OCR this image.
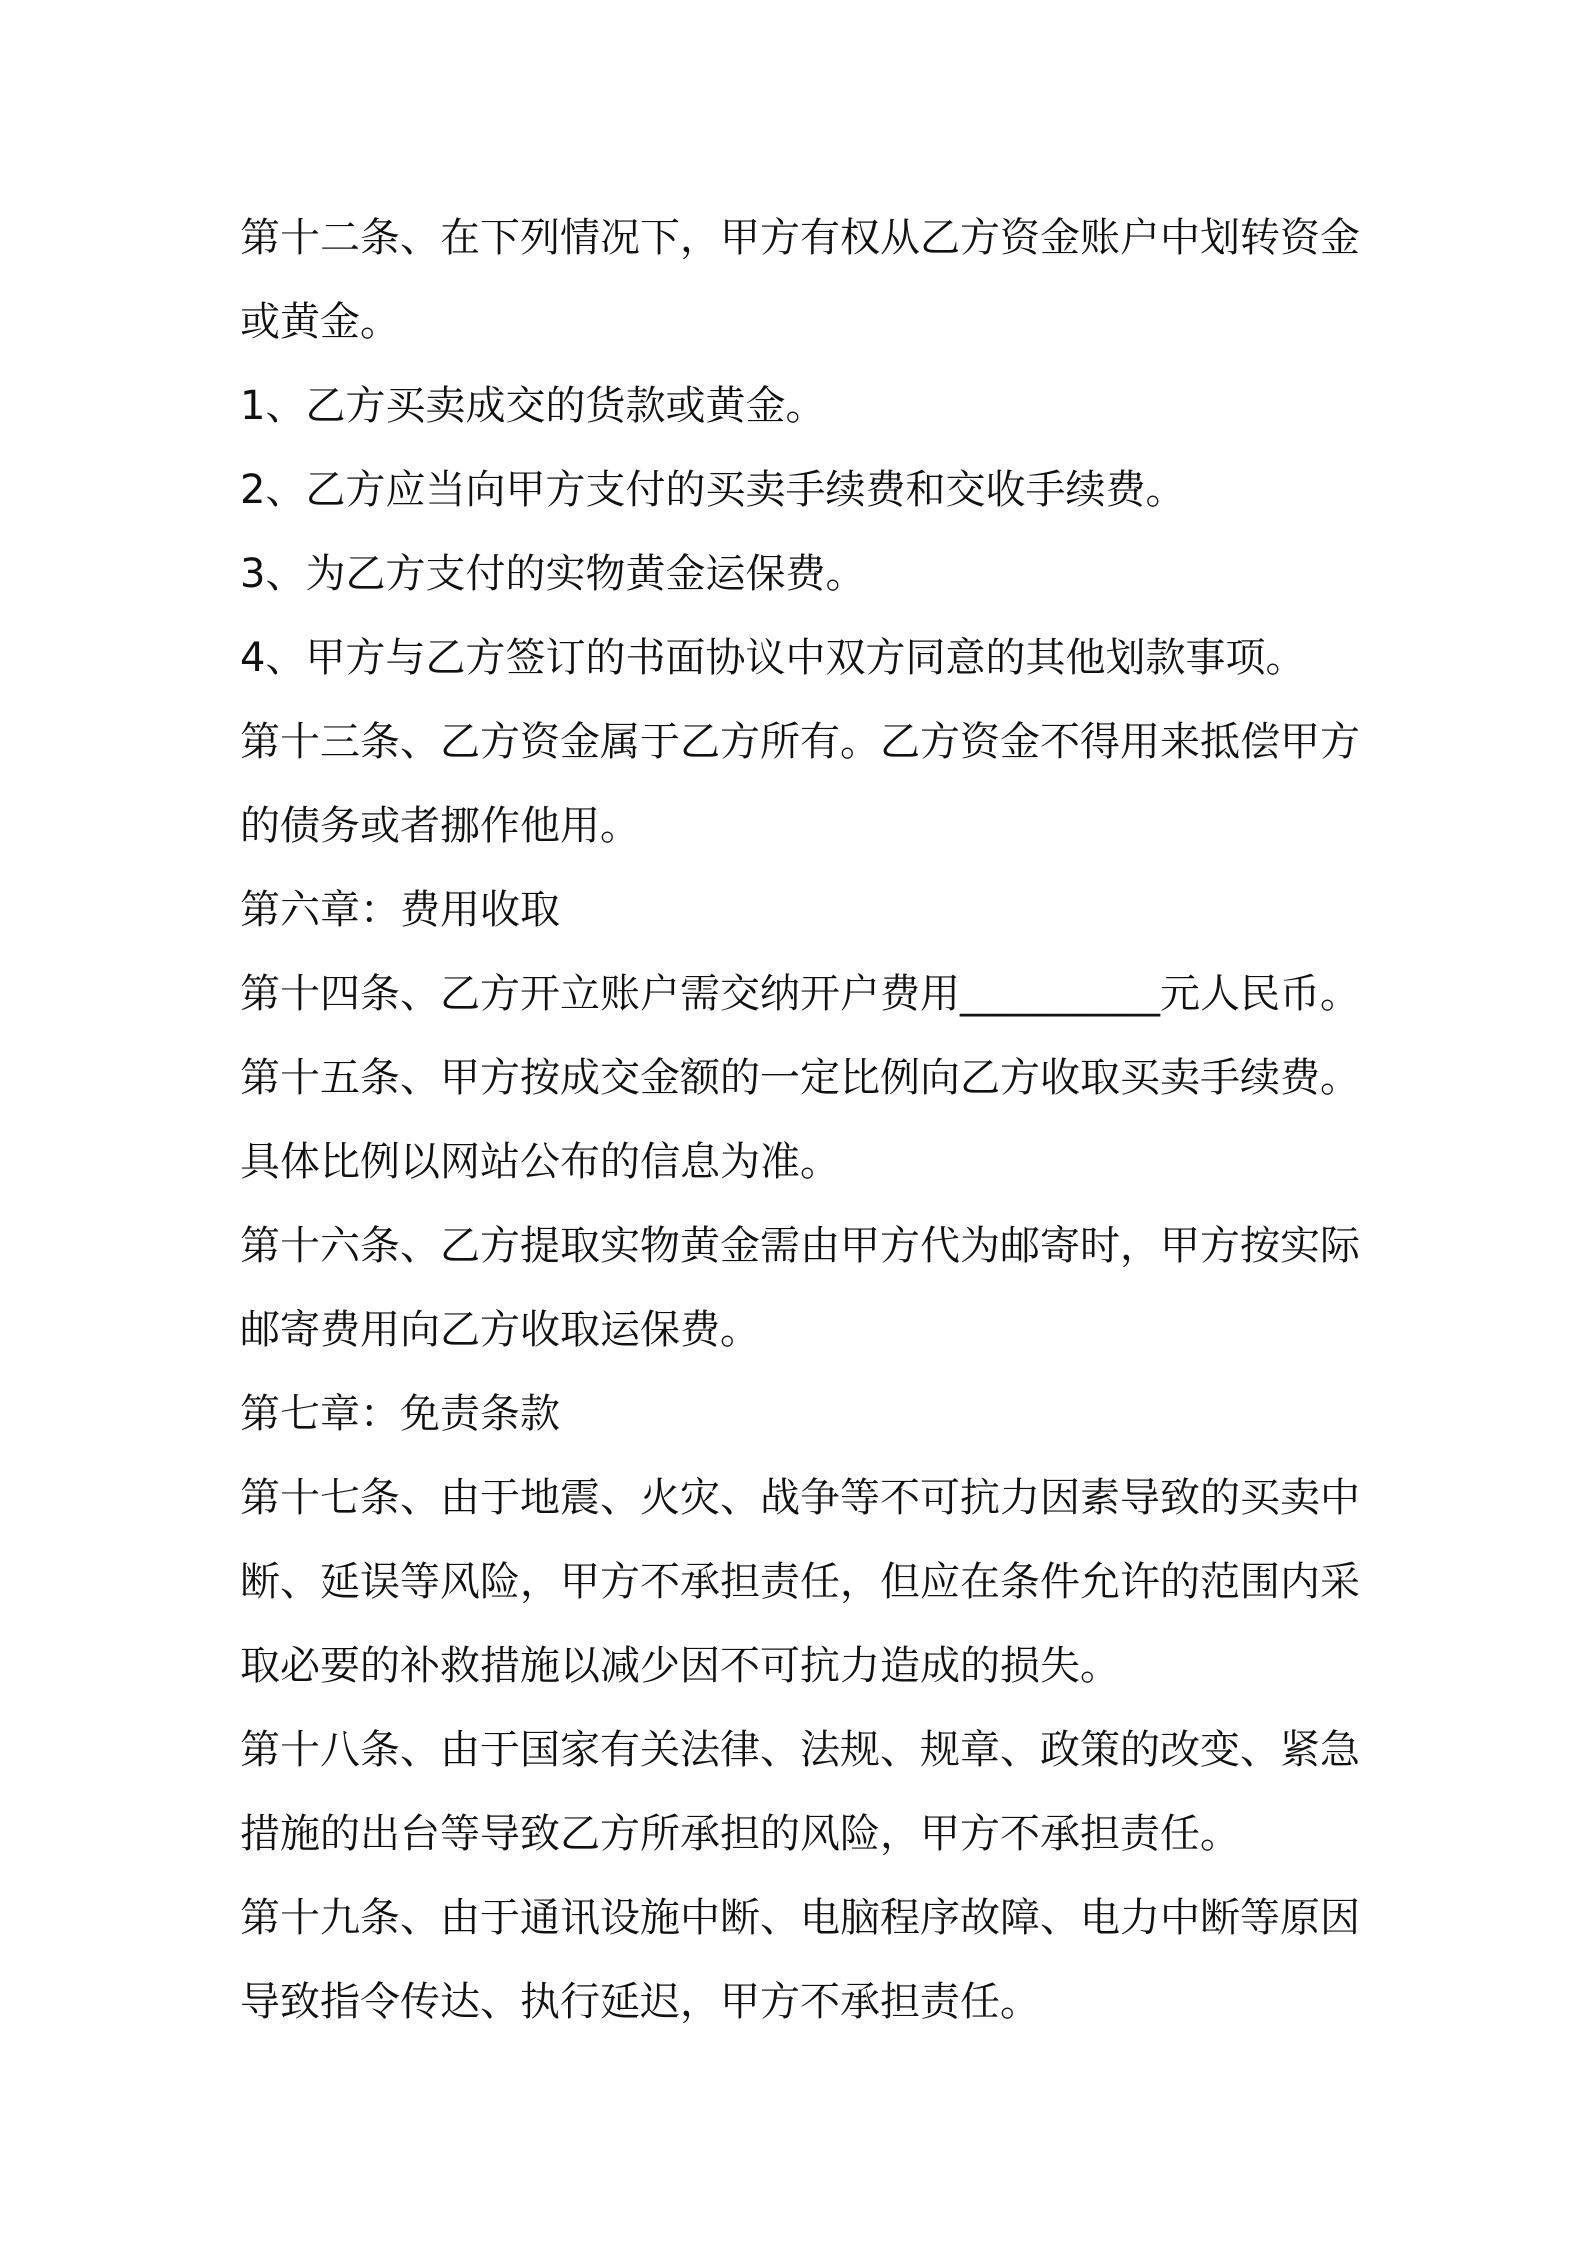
第十二条、在下列情况下，甲方有权从乙方资金账户中划转资金或黄金。

1、乙方买卖成交的货款或黄金。

2、乙方应当向甲方支付的买卖手续费和交收手续费。

3、为乙方支付的实物黄金运保费。

4、甲方与乙方签订的书面协议中双方同意的其他划款事项。

第十三条、乙方资金属于乙方所有。乙方资金不得用来抵偿甲方的债务或者挪作他用。

第六章：费用收取

第十四条、乙方开立账户需交纳开户费用__________元人民币。

第十五条、甲方按成交金额的一定比例向乙方收取买卖手续费。具体比例以网站公布的信息为准。

第十六条、乙方提取实物黄金需由甲方代为邮寄时，甲方按实际邮寄费用向乙方收取运保费。

第七章：免责条款

第十七条、由于地震、火灾、战争等不可抗力因素导致的买卖中断、延误等风险，甲方不承担责任，但应在条件允许的范围内采取必要的补救措施以减少因不可抗力造成的损失。

第十八条、由于国家有关法律、法规、规章、政策的改变、紧急措施的出台等导致乙方所承担的风险，甲方不承担责任。

第十九条、由于通讯设施中断、电脑程序故障、电力中断等原因导致指令传达、执行延迟，甲方不承担责任。
